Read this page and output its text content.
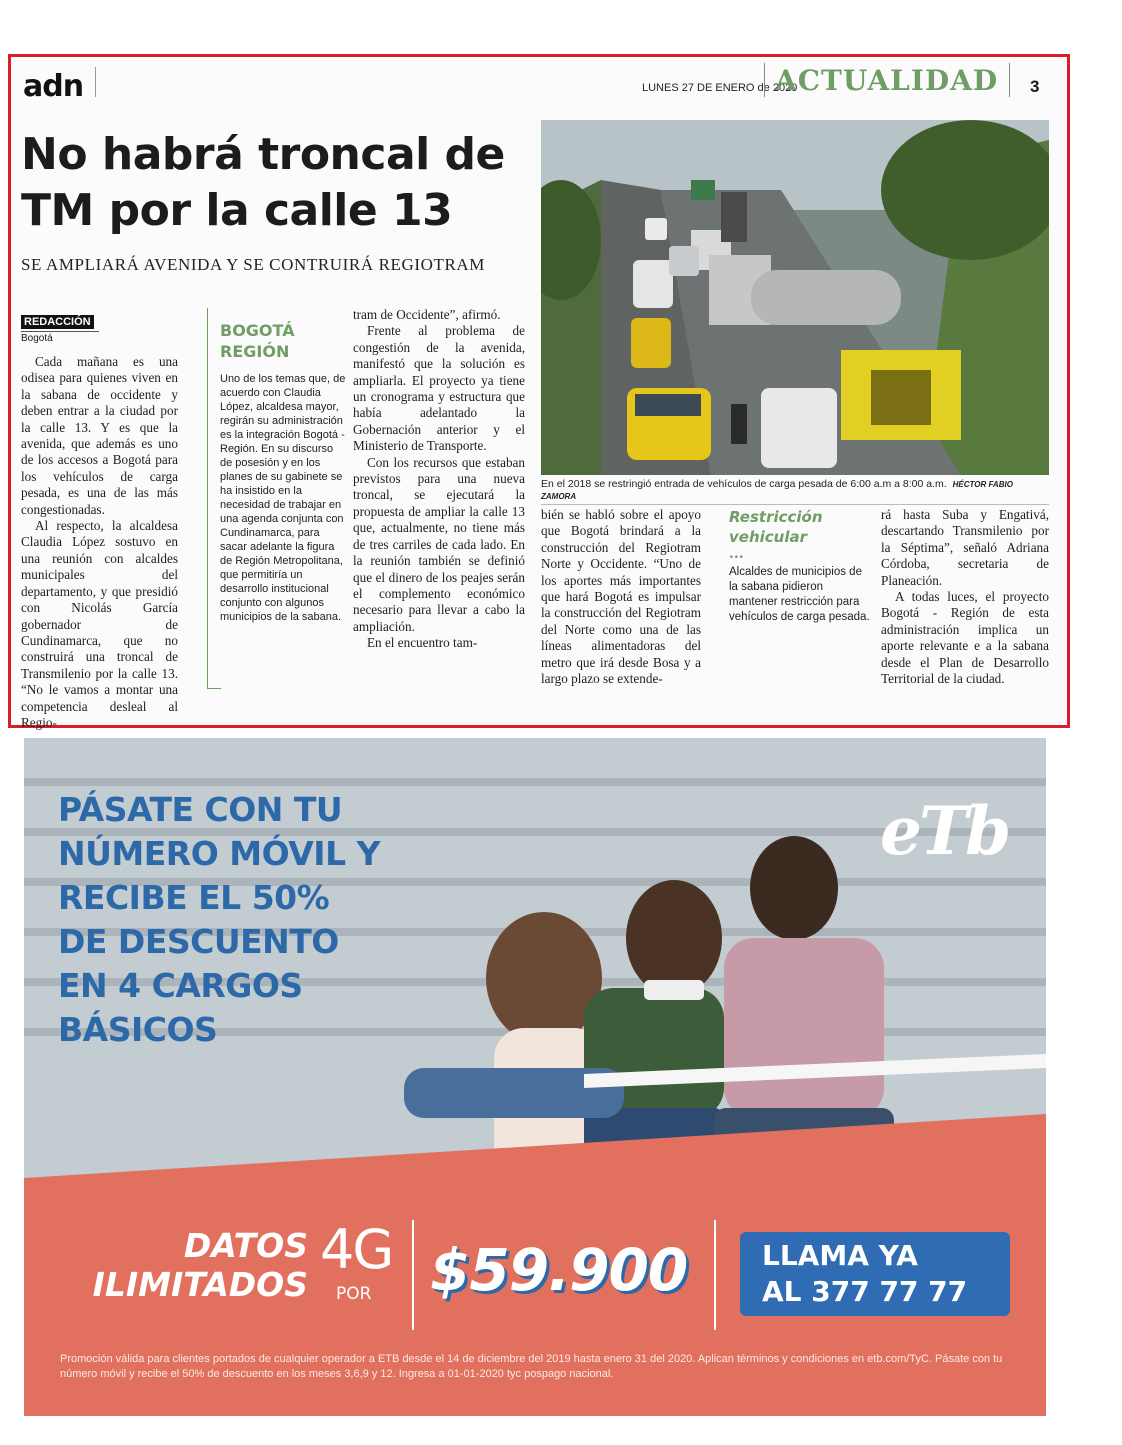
adn	LUNES 27 DE ENERO de 2020
ACTUALIDAD 3
No habrá troncal de
TM por la calle 13
SE AMPLIARÁ AVENIDA Y SE CONTRUIRÁ REGIOTRAM
REDACCIÓN
Bogotá

Cada mañana es una odisea para quienes viven en la sabana de occidente y deben entrar a la ciudad por la calle 13. Y es que la avenida, que además es uno de los accesos a Bogotá para los vehículos de carga pesada, es una de las más congestionadas.

Al respecto, la alcaldesa Claudia López sostuvo en una reunión con alcaldes municipales del departamento, y que presidió con Nicolás García gobernador de Cundinamarca, que no construirá una troncal de Transmilenio por la calle 13. “No le vamos a montar una competencia desleal al Regio-

BOGOTÁ
REGIÓN
Uno de los temas que, de acuerdo con Claudia López, alcaldesa mayor, regirán su administración es la integración Bogotá - Región. En su discurso de posesión y en los planes de su gabinete se ha insistido en la necesidad de trabajar en una agenda conjunta con Cundinamarca, para sacar adelante la figura de Región Metropolitana, que permitiría un desarrollo institucional conjunto con algunos municipios de la sabana.

tram de Occidente”, afirmó.

Frente al problema de congestión de la avenida, manifestó que la solución es ampliarla. El proyecto ya tiene un cronograma y estructura que había adelantado la Gobernación anterior y el Ministerio de Transporte.

Con los recursos que estaban previstos para una nueva troncal, se ejecutará la propuesta de ampliar la calle 13 que, actualmente, no tiene más de tres carriles de cada lado. En la reunión también se definió que el dinero de los peajes serán el complemento económico necesario para llevar a cabo la ampliación.

En el encuentro tam-

En el 2018 se restringió entrada de vehículos de carga pesada de 6:00 a.m a 8:00 a.m. HÉCTOR FABIO ZAMORA

bién se habló sobre el apoyo que Bogotá brindará a la construcción del Regiotram Norte y Occidente. “Uno de los aportes más importantes que hará Bogotá es impulsar la construcción del Regiotram del Norte como una de las líneas alimentadoras del metro que irá desde Bosa y a largo plazo se extende-

Restricción
vehicular
...
Alcaldes de municipios de la sabana pidieron mantener restricción para vehículos de carga pesada.

rá hasta Suba y Engativá, descartando Transmilenio por la Séptima”, señaló Adriana Córdoba, secretaria de Planeación.

A todas luces, el proyecto Bogotá - Región de esta administración implica un aporte relevante e a la sabana desde el Plan de Desarrollo Territorial de la ciudad.

PÁSATE CON TU
NÚMERO MÓVIL Y
RECIBE EL 50%
DE DESCUENTO
EN 4 CARGOS
BÁSICOS
eTb
DATOS
ILIMITADOS
4G
POR $59.900	LLAMA YA
AL 377 77 77
Promoción válida para clientes portados de cualquier operador a ETB desde el 14 de diciembre del 2019 hasta enero 31 del 2020. Aplican términos y condiciones en etb.com/TyC. Pásate con tu número móvil y recibe el 50% de descuento en los meses 3,6,9 y 12. Ingresa a 01-01-2020 tyc pospago nacional.
